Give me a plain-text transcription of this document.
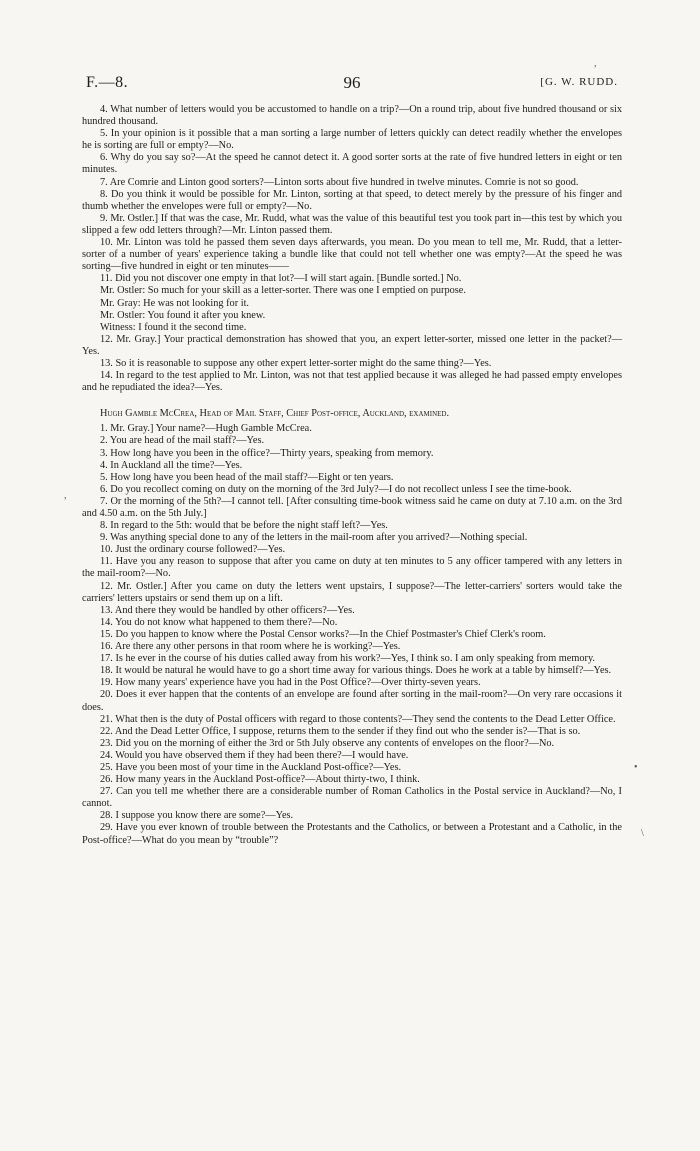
F.—8.	96	[G. W. RUDD.
,
,
•
\

4. What number of letters would you be accustomed to handle on a trip?—On a round trip, about five hundred thousand or six hundred thousand.

5. In your opinion is it possible that a man sorting a large number of letters quickly can detect readily whether the envelopes he is sorting are full or empty?—No.

6. Why do you say so?—At the speed he cannot detect it. A good sorter sorts at the rate of five hundred letters in eight or ten minutes.

7. Are Comrie and Linton good sorters?—Linton sorts about five hundred in twelve minutes. Comrie is not so good.

8. Do you think it would be possible for Mr. Linton, sorting at that speed, to detect merely by the pressure of his finger and thumb whether the envelopes were full or empty?—No.

9. Mr. Ostler.] If that was the case, Mr. Rudd, what was the value of this beautiful test you took part in—this test by which you slipped a few odd letters through?—Mr. Linton passed them.

10. Mr. Linton was told he passed them seven days afterwards, you mean. Do you mean to tell me, Mr. Rudd, that a letter-sorter of a number of years' experience taking a bundle like that could not tell whether one was empty?—At the speed he was sorting—five hundred in eight or ten minutes——

11. Did you not discover one empty in that lot?—I will start again. [Bundle sorted.] No.

Mr. Ostler: So much for your skill as a letter-sorter. There was one I emptied on purpose.

Mr. Gray: He was not looking for it.

Mr. Ostler: You found it after you knew.

Witness: I found it the second time.

12. Mr. Gray.] Your practical demonstration has showed that you, an expert letter-sorter, missed one letter in the packet?—Yes.

13. So it is reasonable to suppose any other expert letter-sorter might do the same thing?—Yes.

14. In regard to the test applied to Mr. Linton, was not that test applied because it was alleged he had passed empty envelopes and he repudiated the idea?—Yes.

Hugh Gamble McCrea, Head of Mail Staff, Chief Post-office, Auckland, examined.

1. Mr. Gray.] Your name?—Hugh Gamble McCrea.

2. You are head of the mail staff?—Yes.

3. How long have you been in the office?—Thirty years, speaking from memory.

4. In Auckland all the time?—Yes.

5. How long have you been head of the mail staff?—Eight or ten years.

6. Do you recollect coming on duty on the morning of the 3rd July?—I do not recollect unless I see the time-book.

7. Or the morning of the 5th?—I cannot tell. [After consulting time-book witness said he came on duty at 7.10 a.m. on the 3rd and 4.50 a.m. on the 5th July.]

8. In regard to the 5th: would that be before the night staff left?—Yes.

9. Was anything special done to any of the letters in the mail-room after you arrived?—Nothing special.

10. Just the ordinary course followed?—Yes.

11. Have you any reason to suppose that after you came on duty at ten minutes to 5 any officer tampered with any letters in the mail-room?—No.

12. Mr. Ostler.] After you came on duty the letters went upstairs, I suppose?—The letter-carriers' sorters would take the carriers' letters upstairs or send them up on a lift.

13. And there they would be handled by other officers?—Yes.

14. You do not know what happened to them there?—No.

15. Do you happen to know where the Postal Censor works?—In the Chief Postmaster's Chief Clerk's room.

16. Are there any other persons in that room where he is working?—Yes.

17. Is he ever in the course of his duties called away from his work?—Yes, I think so. I am only speaking from memory.

18. It would be natural he would have to go a short time away for various things. Does he work at a table by himself?—Yes.

19. How many years' experience have you had in the Post Office?—Over thirty-seven years.

20. Does it ever happen that the contents of an envelope are found after sorting in the mail-room?—On very rare occasions it does.

21. What then is the duty of Postal officers with regard to those contents?—They send the contents to the Dead Letter Office.

22. And the Dead Letter Office, I suppose, returns them to the sender if they find out who the sender is?—That is so.

23. Did you on the morning of either the 3rd or 5th July observe any contents of envelopes on the floor?—No.

24. Would you have observed them if they had been there?—I would have.

25. Have you been most of your time in the Auckland Post-office?—Yes.

26. How many years in the Auckland Post-office?—About thirty-two, I think.

27. Can you tell me whether there are a considerable number of Roman Catholics in the Postal service in Auckland?—No, I cannot.

28. I suppose you know there are some?—Yes.

29. Have you ever known of trouble between the Protestants and the Catholics, or between a Protestant and a Catholic, in the Post-office?—What do you mean by “trouble”?
